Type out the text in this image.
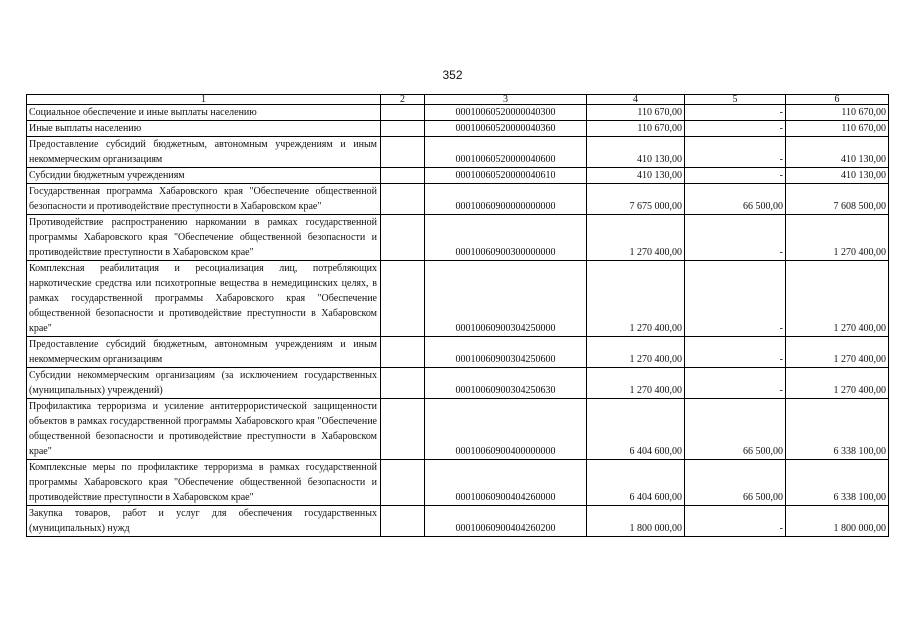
352
1	2	3	4	5	6
Социальное обеспечение и иные выплаты населению		00010060520000040300	110 670,00	-	110 670,00
Иные выплаты населению		00010060520000040360	110 670,00	-	110 670,00
Предоставление субсидий бюджетным, автономным учреждениям и иным некоммерческим организациям		00010060520000040600	410 130,00	-	410 130,00
Субсидии бюджетным учреждениям		00010060520000040610	410 130,00	-	410 130,00
Государственная программа Хабаровского края "Обеспечение общественной безопасности и противодействие преступности в Хабаровском крае"		00010060900000000000	7 675 000,00	66 500,00	7 608 500,00
Противодействие распространению наркомании в рамках государственной программы Хабаровского края "Обеспечение общественной безопасности и противодействие преступности в Хабаровском крае"		00010060900300000000	1 270 400,00	-	1 270 400,00
Комплексная реабилитация и ресоциализация лиц, потребляющих наркотические средства или психотропные вещества в немедицинских целях, в рамках государственной программы Хабаровского края "Обеспечение общественной безопасности и противодействие преступности в Хабаровском крае"		00010060900304250000	1 270 400,00	-	1 270 400,00
Предоставление субсидий бюджетным, автономным учреждениям и иным некоммерческим организациям		00010060900304250600	1 270 400,00	-	1 270 400,00
Субсидии некоммерческим организациям (за исключением государственных (муниципальных) учреждений)		00010060900304250630	1 270 400,00	-	1 270 400,00
Профилактика терроризма и усиление антитеррористической защищенности объектов в рамках государственной программы Хабаровского края "Обеспечение общественной безопасности и противодействие преступности в Хабаровском крае"		00010060900400000000	6 404 600,00	66 500,00	6 338 100,00
Комплексные меры по профилактике терроризма в рамках государственной программы Хабаровского края "Обеспечение общественной безопасности и противодействие преступности в Хабаровском крае"		00010060900404260000	6 404 600,00	66 500,00	6 338 100,00
Закупка товаров, работ и услуг для обеспечения государственных (муниципальных) нужд		00010060900404260200	1 800 000,00	-	1 800 000,00
